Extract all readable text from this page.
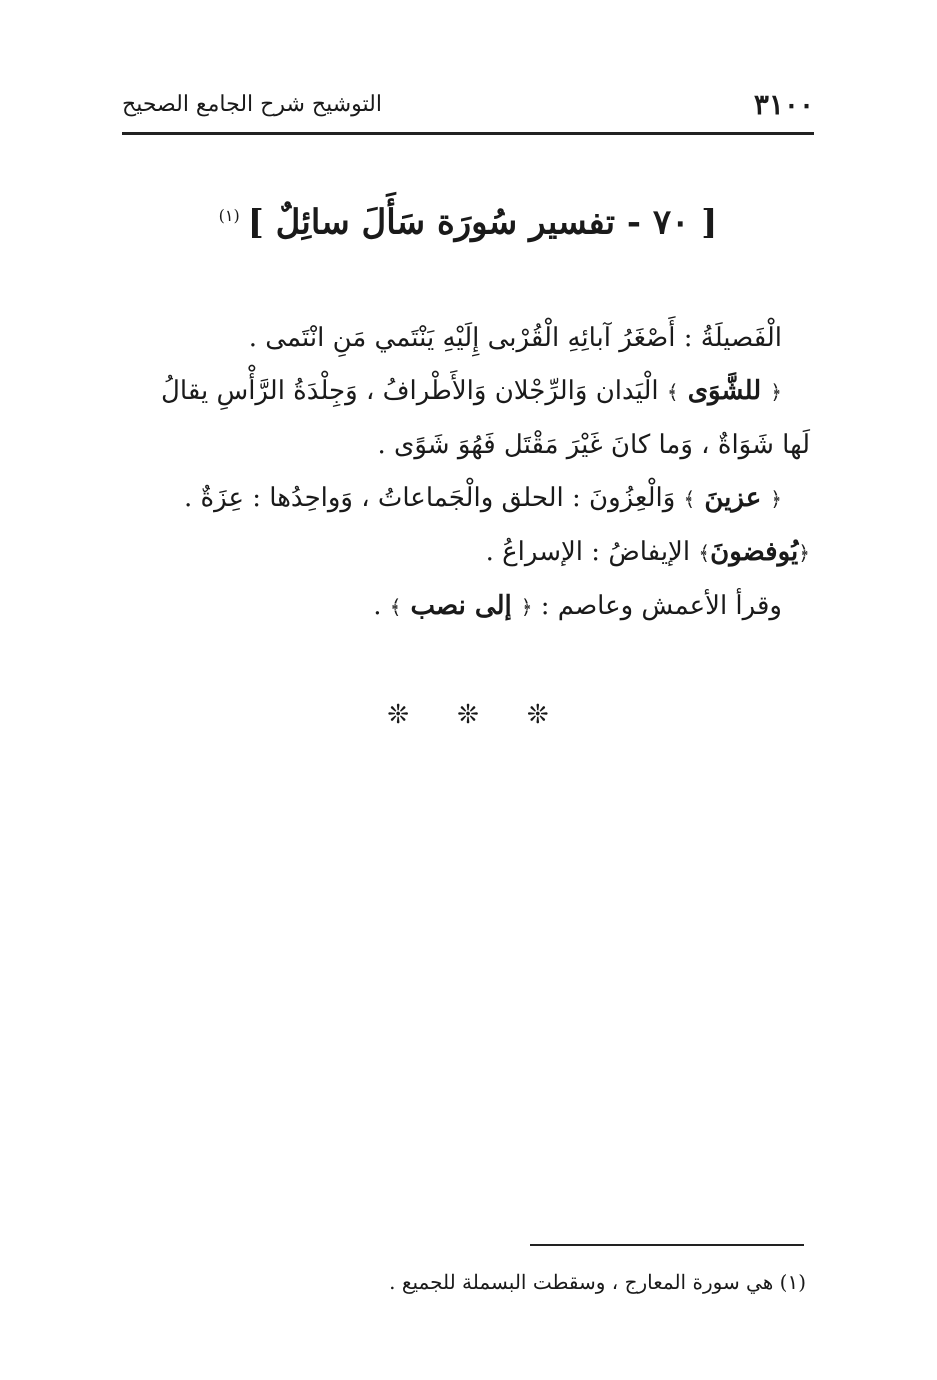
٣١٠٠
التوشيح شرح الجامع الصحيح
[ ٧٠ - تفسير سُورَة سَأَلَ سائِلٌ ]$^{(١)}$

الْفَصيلَةُ : أَصْغَرُ آبائِهِ الْقُرْبى إِلَيْهِ يَنْتَمي مَنِ انْتَمى .

﴿ للشَّوَى ﴾ الْيَدان وَالرِّجْلان وَالأَطْرافُ ، وَجِلْدَةُ الرَّأْسِ يقالُ

لَها شَوَاةٌ ، وَما كانَ غَيْرَ مَقْتَل فَهُوَ شَوًى .

﴿ عزينَ ﴾ وَالْعِزُونَ : الحلق والْجَماعاتُ ، وَواحِدُها : عِزَةٌ .

﴿يُوفضونَ﴾ الإيفاضُ : الإسراعُ .

وقرأ الأعمش وعاصم : ﴿ إلى نصب ﴾ .

❊ ❊ ❊
(١) هي سورة المعارج ، وسقطت البسملة للجميع .
